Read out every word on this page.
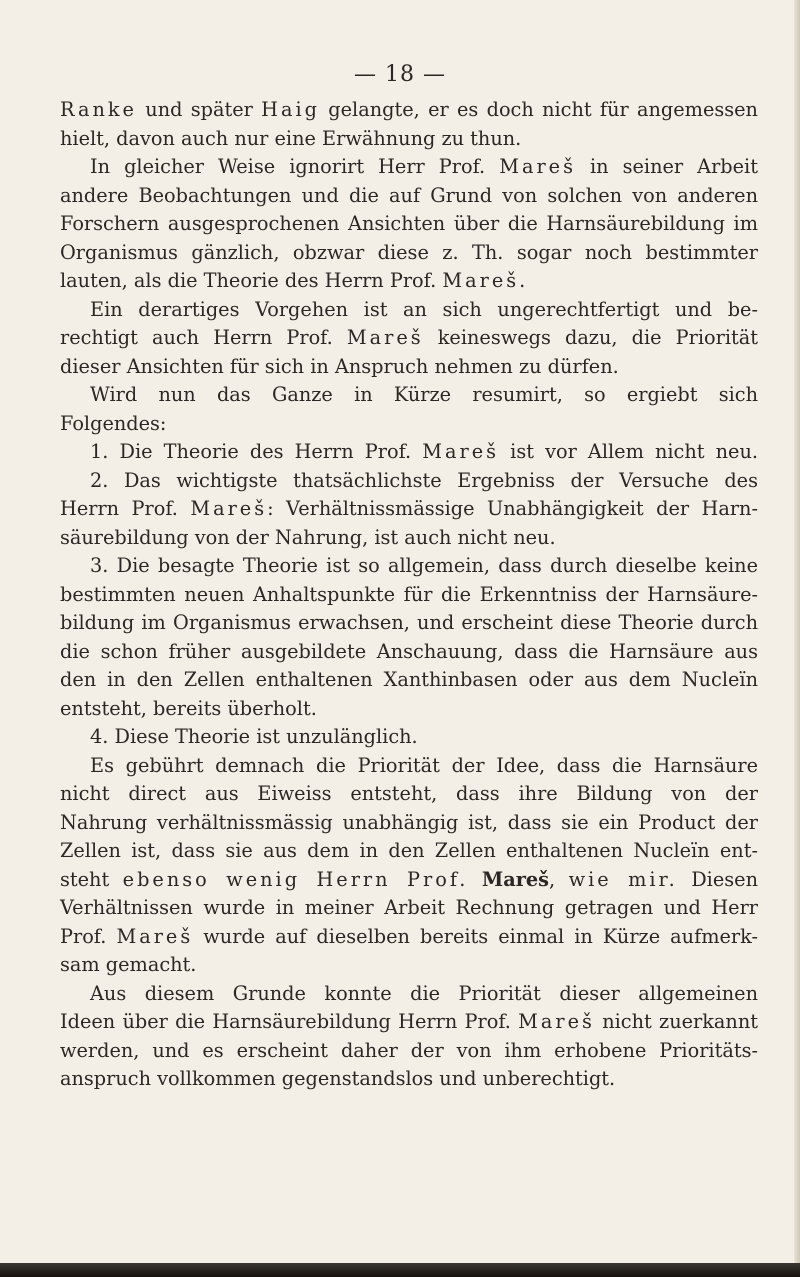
— 18 —
Ranke und später Haig gelangte, er es doch nicht für angemessen
hielt, davon auch nur eine Erwähnung zu thun.
In gleicher Weise ignorirt Herr Prof. Mareš in seiner Arbeit
andere Beobachtungen und die auf Grund von solchen von anderen
Forschern ausgesprochenen Ansichten über die Harnsäurebildung im
Organismus gänzlich, obzwar diese z. Th. sogar noch bestimmter
lauten, als die Theorie des Herrn Prof. Mareš.
Ein derartiges Vorgehen ist an sich ungerechtfertigt und be-
rechtigt auch Herrn Prof. Mareš keineswegs dazu, die Priorität
dieser Ansichten für sich in Anspruch nehmen zu dürfen.
Wird nun das Ganze in Kürze resumirt, so ergiebt sich
Folgendes:
1. Die Theorie des Herrn Prof. Mareš ist vor Allem nicht neu.
2. Das wichtigste thatsächlichste Ergebniss der Versuche des
Herrn Prof. Mareš: Verhältnissmässige Unabhängigkeit der Harn-
säurebildung von der Nahrung, ist auch nicht neu.
3. Die besagte Theorie ist so allgemein, dass durch dieselbe keine
bestimmten neuen Anhaltspunkte für die Erkenntniss der Harnsäure-
bildung im Organismus erwachsen, und erscheint diese Theorie durch
die schon früher ausgebildete Anschauung, dass die Harnsäure aus
den in den Zellen enthaltenen Xanthinbasen oder aus dem Nucleïn
entsteht, bereits überholt.
4. Diese Theorie ist unzulänglich.
Es gebührt demnach die Priorität der Idee, dass die Harnsäure
nicht direct aus Eiweiss entsteht, dass ihre Bildung von der
Nahrung verhältnissmässig unabhängig ist, dass sie ein Product der
Zellen ist, dass sie aus dem in den Zellen enthaltenen Nucleïn ent-
steht ebenso wenig Herrn Prof. Mareš, wie mir. Diesen
Verhältnissen wurde in meiner Arbeit Rechnung getragen und Herr
Prof. Mareš wurde auf dieselben bereits einmal in Kürze aufmerk-
sam gemacht.
Aus diesem Grunde konnte die Priorität dieser allgemeinen
Ideen über die Harnsäurebildung Herrn Prof. Mareš nicht zuerkannt
werden, und es erscheint daher der von ihm erhobene Prioritäts-
anspruch vollkommen gegenstandslos und unberechtigt.
